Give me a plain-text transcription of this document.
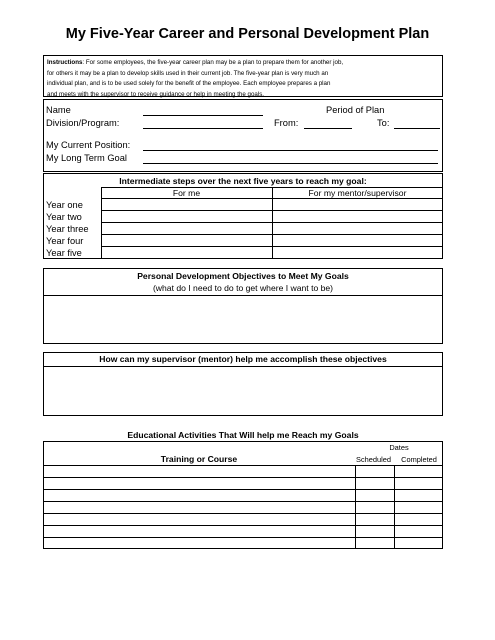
My Five-Year Career and Personal Development Plan
Instructions: For some employees, the five-year career plan may be a plan to prepare them for another job,
for others it may be a plan to develop skills used in their current job. The five-year plan is very much an
individual plan, and is to be used solely for the benefit of the employee. Each employee prepares a plan
and meets with the supervisor to receive guidance or help in meeting the goals.
Name	Period of Plan
Division/Program:	From:	To:
My Current Position:
My Long Term Goal
Intermediate steps over the next five years to reach my goal:
For me	For my mentor/supervisor
Year one
Year two
Year three
Year four
Year five
Personal Development Objectives to Meet My Goals
(what do I need to do to get where I want to be)
How can my supervisor (mentor) help me accomplish these objectives
Educational Activities That Will help me Reach my Goals
Dates
Training or Course	Scheduled	Completed
